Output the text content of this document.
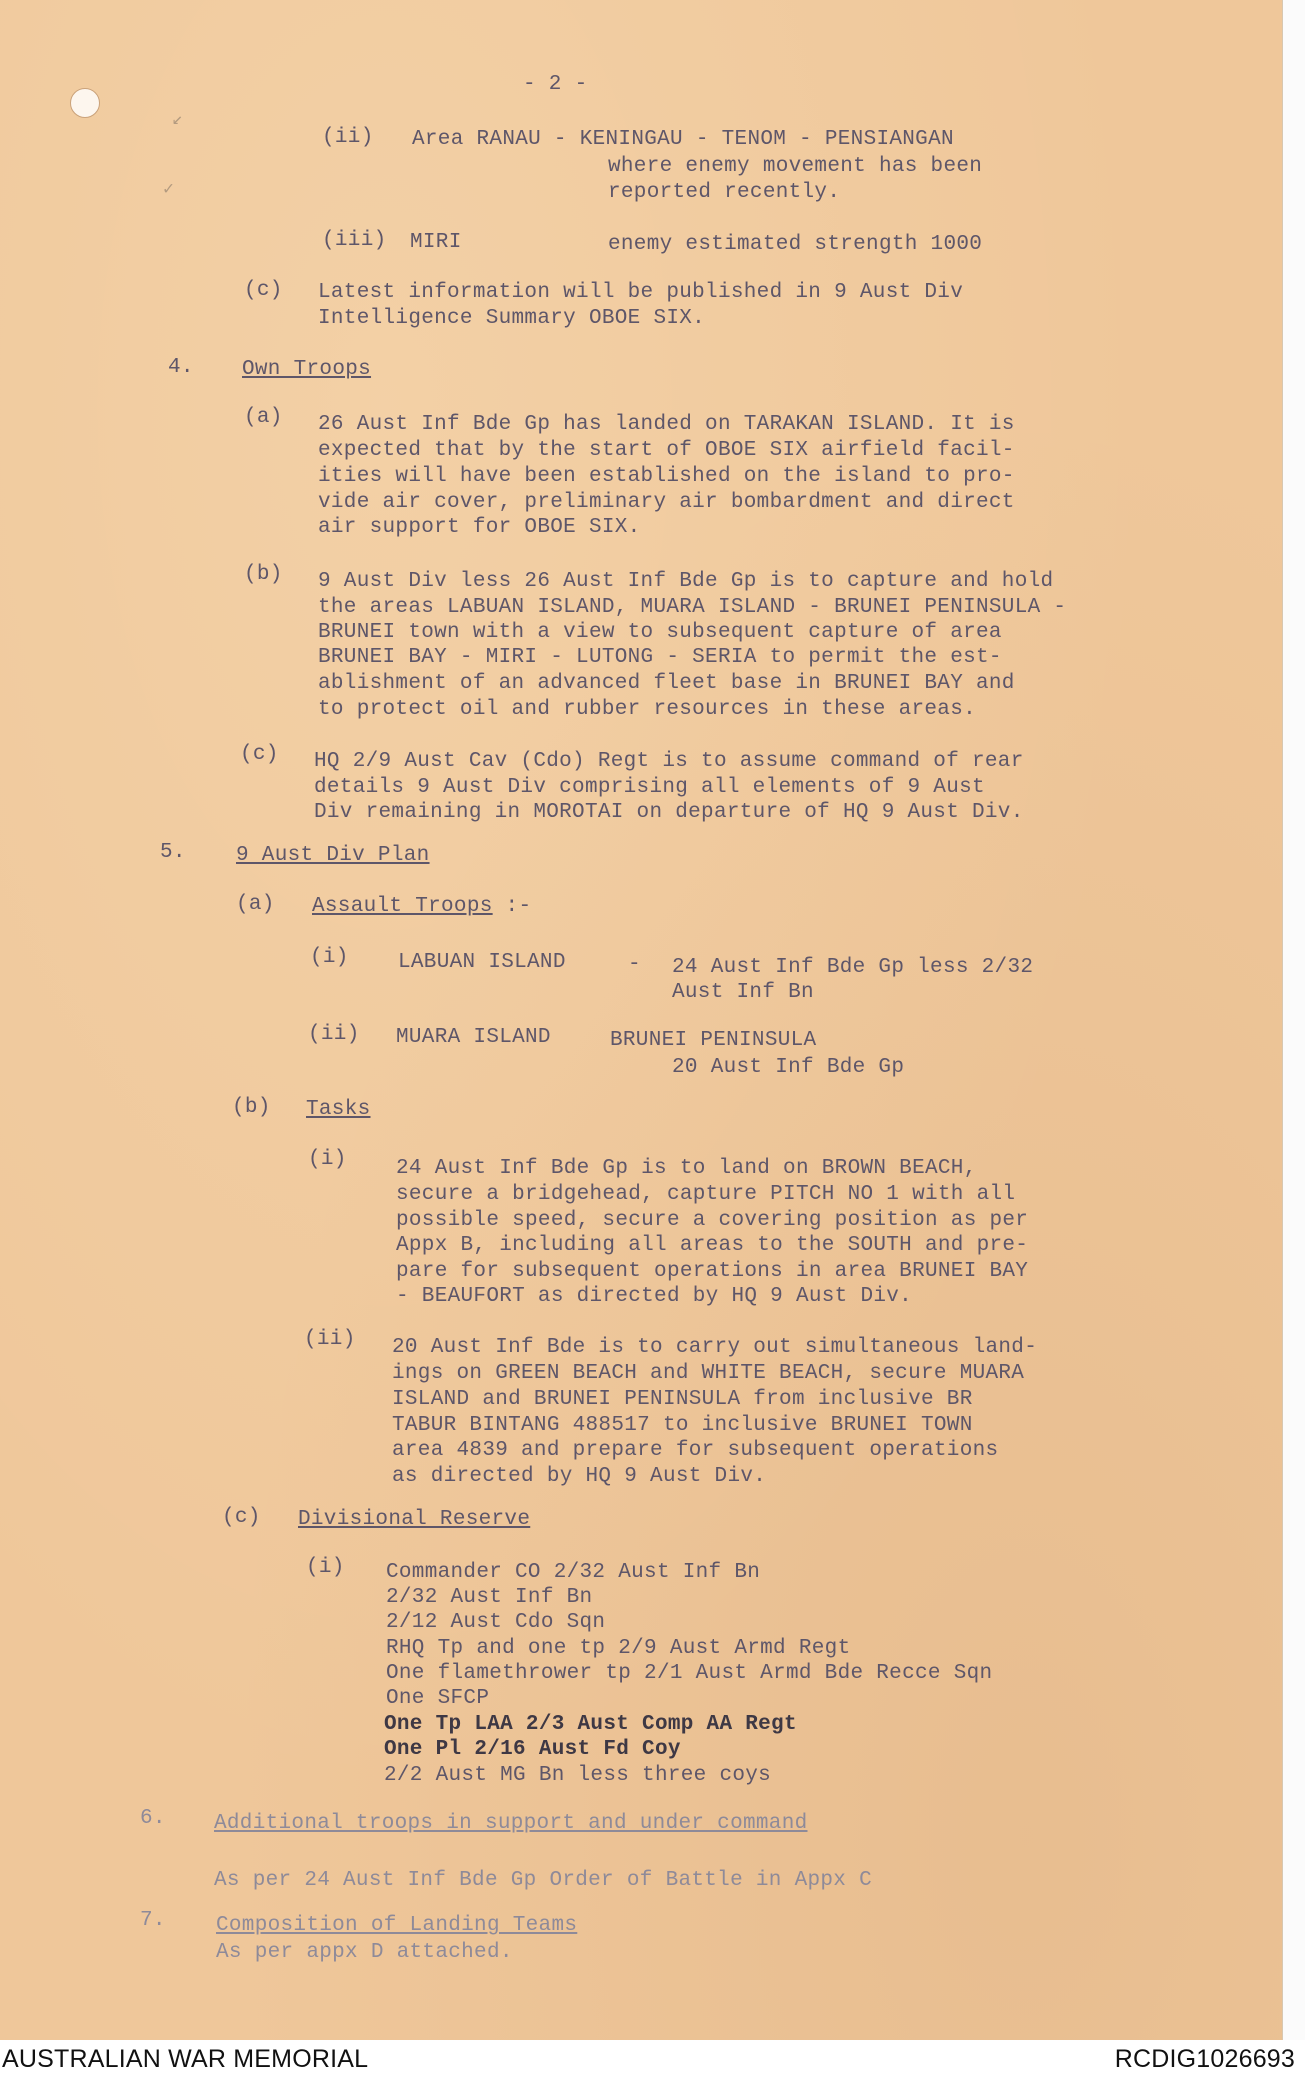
↙
✓
- 2 -
(ii) Area RANAU - KENINGAU - TENOM - PENSIANGAN
where enemy movement has been
reported recently.
(iii) MIRI	enemy estimated strength 1000
(c) Latest information will be published in 9 Aust Div
Intelligence Summary OBOE SIX.
4. Own Troops
(a) 26 Aust Inf Bde Gp has landed on TARAKAN ISLAND. It is
expected that by the start of OBOE SIX airfield facil-
ities will have been established on the island to pro-
vide air cover, preliminary air bombardment and direct
air support for OBOE SIX.
(b) 9 Aust Div less 26 Aust Inf Bde Gp is to capture and hold
the areas LABUAN ISLAND, MUARA ISLAND - BRUNEI PENINSULA -
BRUNEI town with a view to subsequent capture of area
BRUNEI BAY - MIRI - LUTONG - SERIA to permit the est-
ablishment of an advanced fleet base in BRUNEI BAY and
to protect oil and rubber resources in these areas.
(c) HQ 2/9 Aust Cav (Cdo) Regt is to assume command of rear
details 9 Aust Div comprising all elements of 9 Aust
Div remaining in MOROTAI on departure of HQ 9 Aust Div.
5. 9 Aust Div Plan
(a) Assault Troops :-
(i) LABUAN ISLAND	- 24 Aust Inf Bde Gp less 2/32
Aust Inf Bn
(ii) MUARA ISLAND	BRUNEI PENINSULA
20 Aust Inf Bde Gp
(b) Tasks
(i) 24 Aust Inf Bde Gp is to land on BROWN BEACH,
secure a bridgehead, capture PITCH NO 1 with all
possible speed, secure a covering position as per
Appx B, including all areas to the SOUTH and pre-
pare for subsequent operations in area BRUNEI BAY
- BEAUFORT as directed by HQ 9 Aust Div.
(ii) 20 Aust Inf Bde is to carry out simultaneous land-
ings on GREEN BEACH and WHITE BEACH, secure MUARA
ISLAND and BRUNEI PENINSULA from inclusive BR
TABUR BINTANG 488517 to inclusive BRUNEI TOWN
area 4839 and prepare for subsequent operations
as directed by HQ 9 Aust Div.
(c) Divisional Reserve
(i) Commander CO 2/32 Aust Inf Bn
2/32 Aust Inf Bn
2/12 Aust Cdo Sqn
RHQ Tp and one tp 2/9 Aust Armd Regt
One flamethrower tp 2/1 Aust Armd Bde Recce Sqn
One SFCP
One Tp LAA 2/3 Aust Comp AA Regt
One Pl 2/16 Aust Fd Coy
2/2 Aust MG Bn less three coys
6. Additional troops in support and under command
As per 24 Aust Inf Bde Gp Order of Battle in Appx C
7. Composition of Landing Teams
As per appx D attached.
AUSTRALIAN WAR MEMORIAL	RCDIG1026693
